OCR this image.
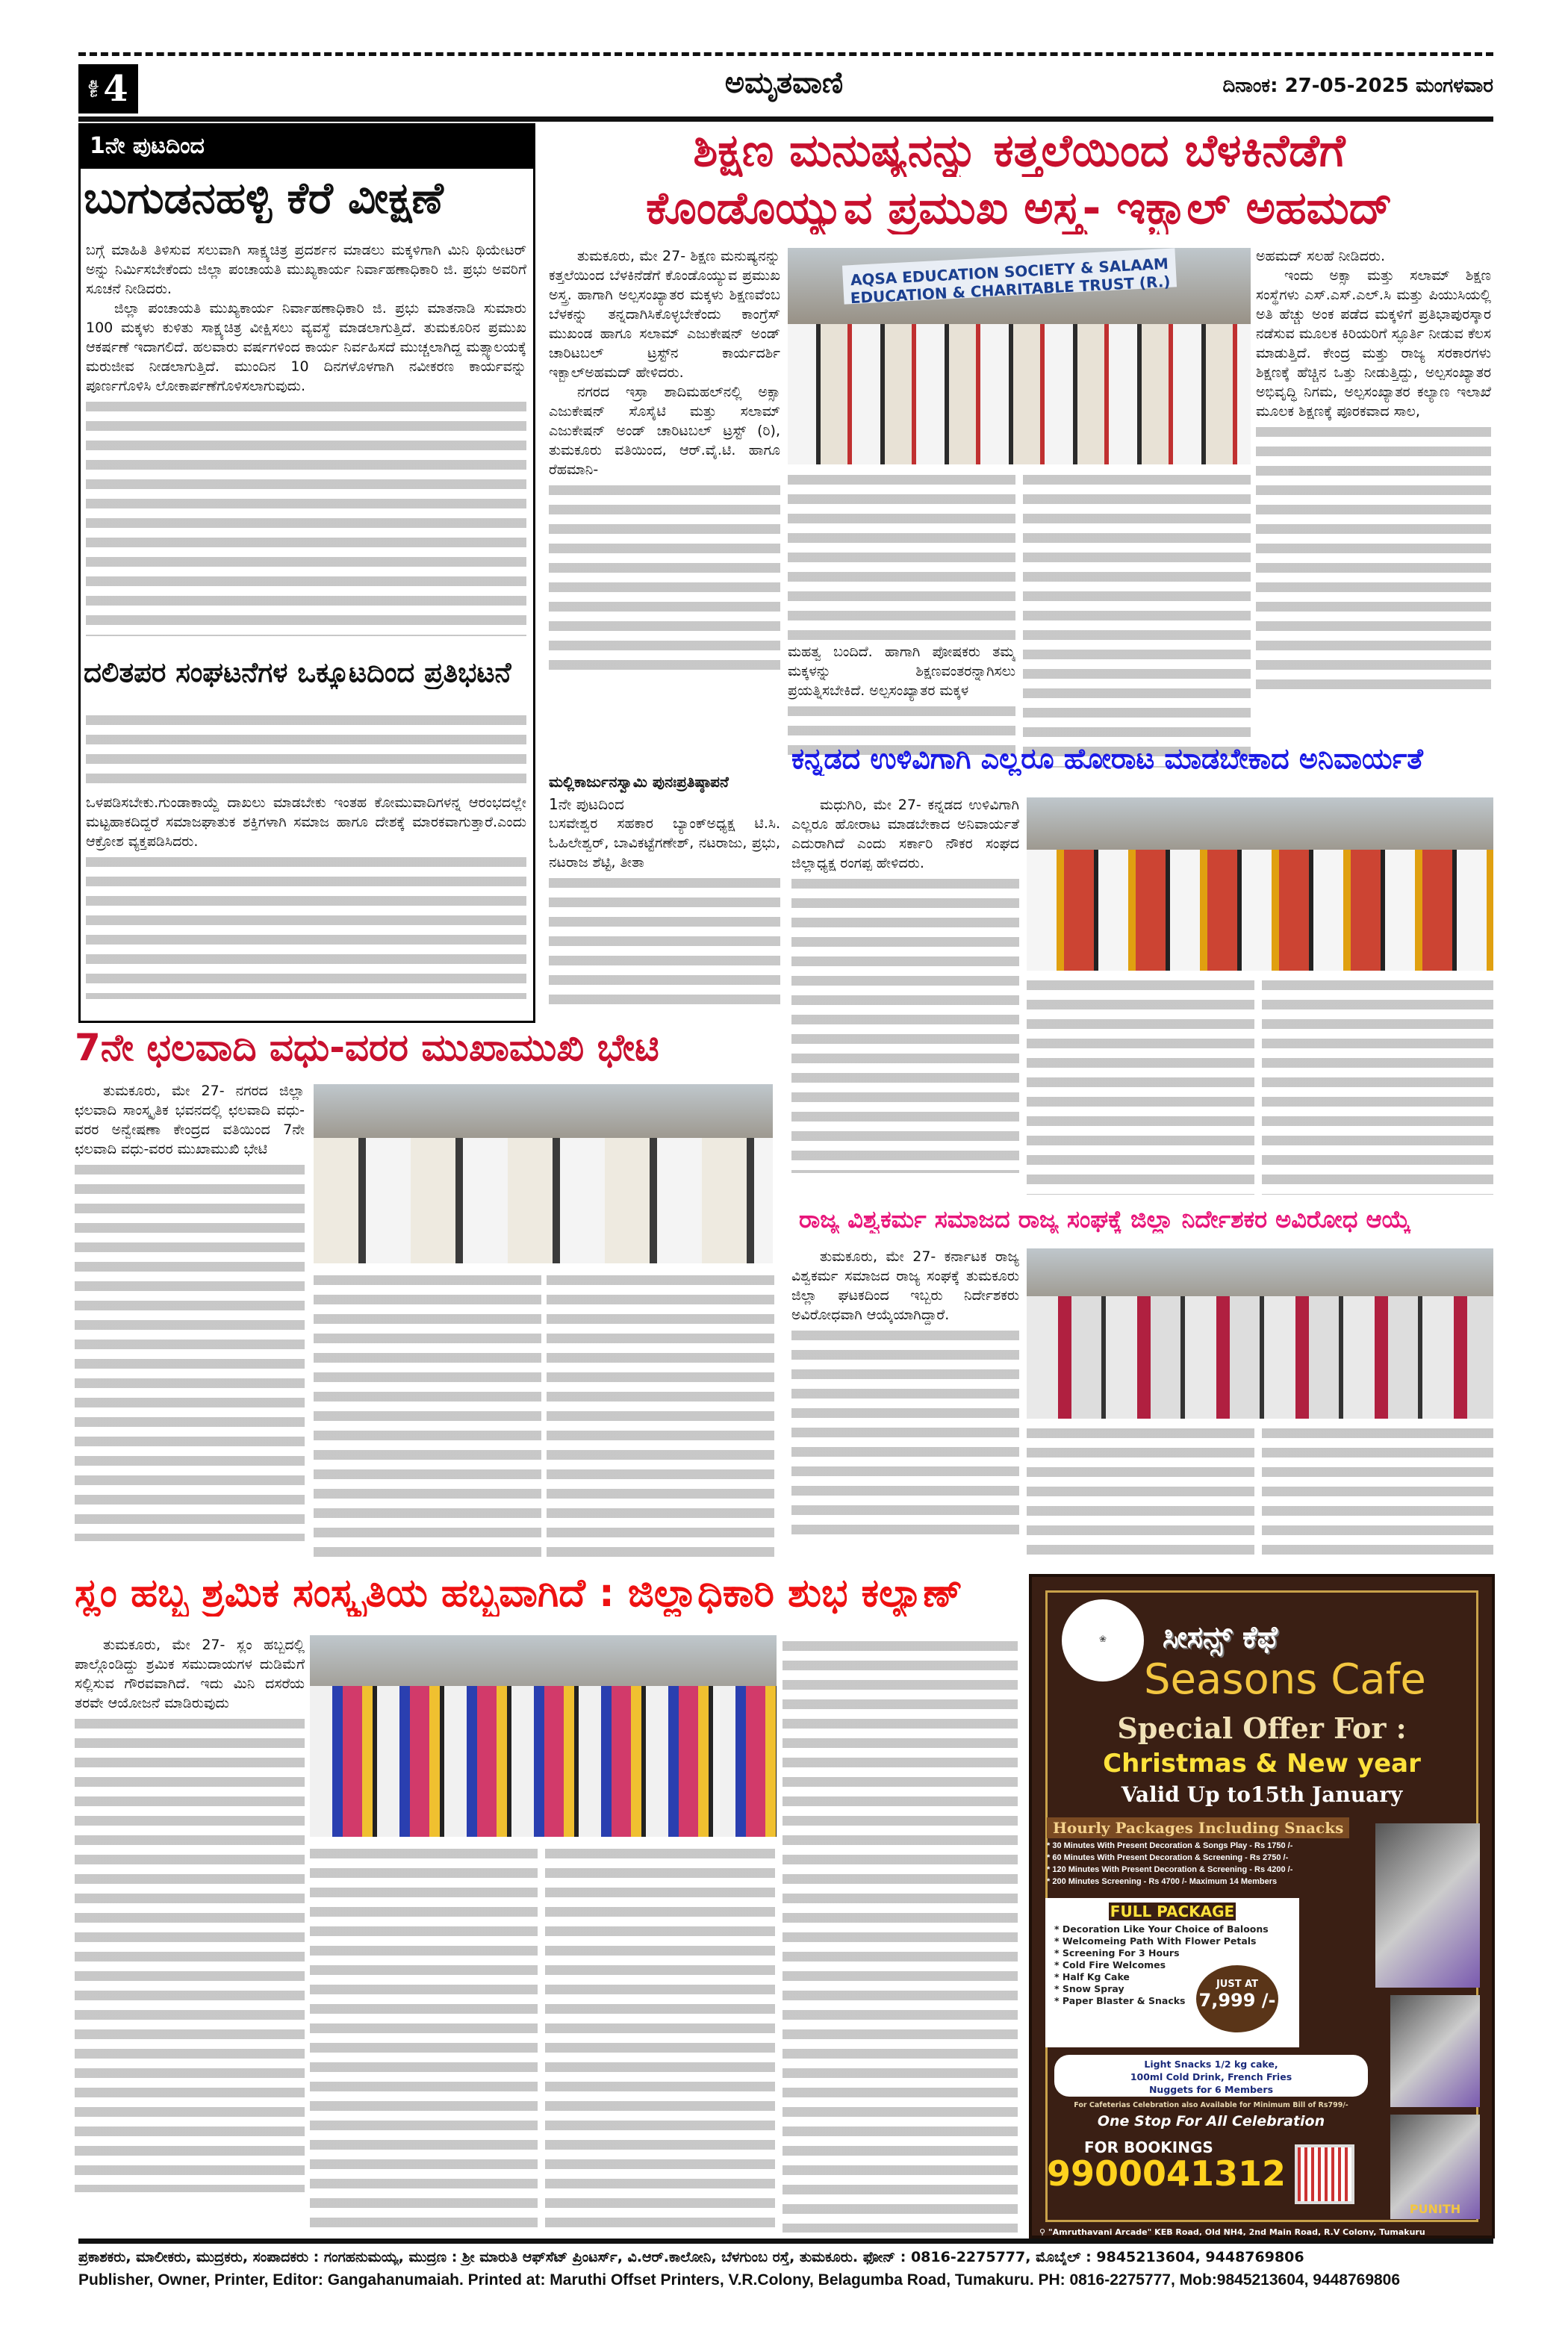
ಪುಟ 4	ಅಮೃತವಾಣಿ	ದಿನಾಂಕ: 27-05-2025 ಮಂಗಳವಾರ
1ನೇ ಪುಟದಿಂದ
ಬುಗುಡನಹಳ್ಳಿ ಕೆರೆ ವೀಕ್ಷಣೆ

ಬಗ್ಗೆ ಮಾಹಿತಿ ತಿಳಿಸುವ ಸಲುವಾಗಿ ಸಾಕ್ಷ್ಯಚಿತ್ರ ಪ್ರದರ್ಶನ ಮಾಡಲು ಮಕ್ಕಳಿಗಾಗಿ ಮಿನಿ ಥಿಯೇಟರ್ ಅನ್ನು ನಿರ್ಮಿಸಬೇಕೆಂದು ಜಿಲ್ಲಾ ಪಂಚಾಯತಿ ಮುಖ್ಯಕಾರ್ಯ ನಿರ್ವಾಹಣಾಧಿಕಾರಿ ಜಿ. ಪ್ರಭು ಅವರಿಗೆ ಸೂಚನೆ ನೀಡಿದರು.

ಜಿಲ್ಲಾ ಪಂಚಾಯತಿ ಮುಖ್ಯಕಾರ್ಯ ನಿರ್ವಾಹಣಾಧಿಕಾರಿ ಜಿ. ಪ್ರಭು ಮಾತನಾಡಿ ಸುಮಾರು 100 ಮಕ್ಕಳು ಕುಳಿತು ಸಾಕ್ಷ್ಯಚಿತ್ರ ವೀಕ್ಷಿಸಲು ವ್ಯವಸ್ಥೆ ಮಾಡಲಾಗುತ್ತಿದೆ. ತುಮಕೂರಿನ ಪ್ರಮುಖ ಆಕರ್ಷಣೆ ಇದಾಗಲಿದೆ. ಹಲವಾರು ವರ್ಷಗಳಿಂದ ಕಾರ್ಯ ನಿರ್ವಹಿಸದೆ ಮುಚ್ಚಲಾಗಿದ್ದ ಮತ್ಸ್ಯಾಲಯಕ್ಕೆ ಮರುಜೀವ ನೀಡಲಾಗುತ್ತಿದೆ. ಮುಂದಿನ 10 ದಿನಗಳೊಳಗಾಗಿ ನವೀಕರಣ ಕಾರ್ಯವನ್ನು ಪೂರ್ಣಗೊಳಿಸಿ ಲೋಕಾರ್ಪಣೆಗೊಳಿಸಲಾಗುವುದು.

ದಲಿತಪರ ಸಂಘಟನೆಗಳ ಒಕ್ಕೂಟದಿಂದ ಪ್ರತಿಭಟನೆ

ಒಳಪಡಿಸಬೇಕು.ಗುಂಡಾಕಾಯ್ದೆ ದಾಖಲು ಮಾಡಬೇಕು ಇಂತಹ ಕೋಮುವಾದಿಗಳನ್ನ ಆರಂಭದಲ್ಲೇ ಮಟ್ಟಹಾಕದಿದ್ದರೆ ಸಮಾಜಘಾತುಕ ಶಕ್ತಿಗಳಾಗಿ ಸಮಾಜ ಹಾಗೂ ದೇಶಕ್ಕೆ ಮಾರಕವಾಗುತ್ತಾರೆ.ಎಂದು ಆಕ್ರೋಶ ವ್ಯಕ್ತಪಡಿಸಿದರು.

ಶಿಕ್ಷಣ ಮನುಷ್ಯನನ್ನು ಕತ್ತಲೆಯಿಂದ ಬೆಳಕಿನೆಡೆಗೆ
ಕೊಂಡೊಯ್ಯುವ ಪ್ರಮುಖ ಅಸ್ತ್ರ- ಇಕ್ಬಾಲ್ ಅಹಮದ್

ತುಮಕೂರು, ಮೇ 27- ಶಿಕ್ಷಣ ಮನುಷ್ಯನನ್ನು ಕತ್ತಲೆಯಿಂದ ಬೆಳಕಿನೆಡೆಗೆ ಕೊಂಡೊಯ್ಯುವ ಪ್ರಮುಖ ಅಸ್ತ್ರ. ಹಾಗಾಗಿ ಅಲ್ಪಸಂಖ್ಯಾತರ ಮಕ್ಕಳು ಶಿಕ್ಷಣವೆಂಬ ಬೆಳಕನ್ನು ತನ್ನದಾಗಿಸಿಕೊಳ್ಳಬೇಕೆಂದು ಕಾಂಗ್ರೆಸ್ ಮುಖಂಡ ಹಾಗೂ ಸಲಾಮ್ ಎಜುಕೇಷನ್ ಅಂಡ್ ಚಾರಿಟಬಲ್ ಟ್ರಸ್ಟ್‌ನ ಕಾರ್ಯದರ್ಶಿ ಇಕ್ಬಾಲ್‌ಅಹಮದ್ ಹೇಳಿದರು.

ನಗರದ ಇಸ್ರಾ ಶಾದಿಮಹಲ್‌ನಲ್ಲಿ ಅಕ್ಸಾ ಎಜುಕೇಷನ್ ಸೊಸೈಟಿ ಮತ್ತು ಸಲಾಮ್ ಎಜುಕೇಷನ್ ಅಂಡ್ ಚಾರಿಟಬಲ್ ಟ್ರಸ್ಟ್ (ರಿ), ತುಮಕೂರು ವತಿಯಿಂದ, ಆರ್.ವೈ.ಟಿ. ಹಾಗೂ ರೆಹಮಾನಿ-

AQSA EDUCATION SOCIETY & SALAAM EDUCATION & CHARITABLE TRUST (R.)

ಮಹತ್ವ ಬಂದಿದೆ. ಹಾಗಾಗಿ ಪೋಷಕರು ತಮ್ಮ ಮಕ್ಕಳನ್ನು ಶಿಕ್ಷಣವಂತರನ್ನಾಗಿಸಲು ಪ್ರಯತ್ನಿಸಬೇಕಿದೆ. ಅಲ್ಪಸಂಖ್ಯಾತರ ಮಕ್ಕಳ

ಅಹಮದ್ ಸಲಹೆ ನೀಡಿದರು.

ಇಂದು ಅಕ್ಸಾ ಮತ್ತು ಸಲಾಮ್ ಶಿಕ್ಷಣ ಸಂಸ್ಥೆಗಳು ಎಸ್.ಎಸ್.ಎಲ್.ಸಿ ಮತ್ತು ಪಿಯುಸಿಯಲ್ಲಿ ಅತಿ ಹೆಚ್ಚು ಅಂಕ ಪಡೆದ ಮಕ್ಕಳಿಗೆ ಪ್ರತಿಭಾಪುರಸ್ಕಾರ ನಡೆಸುವ ಮೂಲಕ ಕಿರಿಯರಿಗೆ ಸ್ಫೂರ್ತಿ ನೀಡುವ ಕೆಲಸ ಮಾಡುತ್ತಿದೆ. ಕೇಂದ್ರ ಮತ್ತು ರಾಜ್ಯ ಸರಕಾರಗಳು ಶಿಕ್ಷಣಕ್ಕೆ ಹೆಚ್ಚಿನ ಒತ್ತು ನೀಡುತ್ತಿದ್ದು, ಅಲ್ಪಸಂಖ್ಯಾತರ ಅಭಿವೃದ್ಧಿ ನಿಗಮ, ಅಲ್ಪಸಂಖ್ಯಾತರ ಕಲ್ಯಾಣ ಇಲಾಖೆ ಮೂಲಕ ಶಿಕ್ಷಣಕ್ಕೆ ಪೂರಕವಾದ ಸಾಲ,

ಮಲ್ಲಿಕಾರ್ಜುನಸ್ವಾಮಿ ಪುನಃಪ್ರತಿಷ್ಠಾಪನೆ
1ನೇ ಪುಟದಿಂದ

ಬಸವೇಶ್ವರ ಸಹಕಾರ ಬ್ಯಾಂಕ್‌ಅಧ್ಯಕ್ಷ ಟಿ.ಸಿ. ಓಹಿಲೇಶ್ವರ್, ಬಾವಿಕಟ್ಟೆಗಣೇಶ್, ನಟರಾಜು, ಪ್ರಭು, ನಟರಾಜ ಶೆಟ್ಟಿ, ತೀತಾ

ಕನ್ನಡದ ಉಳಿವಿಗಾಗಿ ಎಲ್ಲರೂ ಹೋರಾಟ ಮಾಡಬೇಕಾದ ಅನಿವಾರ್ಯತೆ

ಮಧುಗಿರಿ, ಮೇ 27- ಕನ್ನಡದ ಉಳಿವಿಗಾಗಿ ಎಲ್ಲರೂ ಹೋರಾಟ ಮಾಡಬೇಕಾದ ಅನಿವಾರ್ಯತೆ ಎದುರಾಗಿದೆ ಎಂದು ಸರ್ಕಾರಿ ನೌಕರ ಸಂಘದ ಜಿಲ್ಲಾಧ್ಯಕ್ಷ ರಂಗಪ್ಪ ಹೇಳಿದರು.

ರಾಜ್ಯ ವಿಶ್ವಕರ್ಮ ಸಮಾಜದ ರಾಜ್ಯ ಸಂಘಕ್ಕೆ ಜಿಲ್ಲಾ ನಿರ್ದೇಶಕರ ಅವಿರೋಧ ಆಯ್ಕೆ

ತುಮಕೂರು, ಮೇ 27- ಕರ್ನಾಟಕ ರಾಜ್ಯ ವಿಶ್ವಕರ್ಮ ಸಮಾಜದ ರಾಜ್ಯ ಸಂಘಕ್ಕೆ ತುಮಕೂರು ಜಿಲ್ಲಾ ಘಟಕದಿಂದ ಇಬ್ಬರು ನಿರ್ದೇಶಕರು ಅವಿರೋಧವಾಗಿ ಆಯ್ಕೆಯಾಗಿದ್ದಾರೆ.

7ನೇ ಛಲವಾದಿ ವಧು-ವರರ ಮುಖಾಮುಖಿ ಭೇಟಿ

ತುಮಕೂರು, ಮೇ 27- ನಗರದ ಜಿಲ್ಲಾ ಛಲವಾದಿ ಸಾಂಸ್ಕೃತಿಕ ಭವನದಲ್ಲಿ ಛಲವಾದಿ ವಧು-ವರರ ಅನ್ವೇಷಣಾ ಕೇಂದ್ರದ ವತಿಯಿಂದ 7ನೇ ಛಲವಾದಿ ವಧು-ವರರ ಮುಖಾಮುಖಿ ಭೇಟಿ

ಸ್ಲಂ ಹಬ್ಬ ಶ್ರಮಿಕ ಸಂಸ್ಕೃತಿಯ ಹಬ್ಬವಾಗಿದೆ : ಜಿಲ್ಲಾಧಿಕಾರಿ ಶುಭ ಕಲ್ಯಾಣ್

ತುಮಕೂರು, ಮೇ 27- ಸ್ಲಂ ಹಬ್ಬದಲ್ಲಿ ಪಾಲ್ಗೊಂಡಿದ್ದು ಶ್ರಮಿಕ ಸಮುದಾಯಗಳ ದುಡಿಮೆಗೆ ಸಲ್ಲಿಸುವ ಗೌರವವಾಗಿದೆ. ಇದು ಮಿನಿ ದಸರೆಯ ತರವೇ ಆಯೋಜನೆ ಮಾಡಿರುವುದು

❀	ಸೀಸನ್ಸ್ ಕೆಫೆ
Seasons Cafe
Special Offer For :
Christmas & New year
Valid Up to15th January
Hourly Packages Including Snacks
* 30 Minutes With Present Decoration & Songs Play - Rs 1750 /-
* 60 Minutes With Present Decoration & Screening - Rs 2750 /-
* 120 Minutes With Present Decoration & Screening - Rs 4200 /-
* 200 Minutes Screening - Rs 4700 /- Maximum 14 Members
FULL PACKAGE
* Decoration Like Your Choice of Baloons
* Welcomeing Path With Flower Petals
* Screening For 3 Hours
* Cold Fire Welcomes
* Half Kg Cake
* Snow Spray
* Paper Blaster & Snacks
JUST AT
7,999 /-
PUNITH
Light Snacks 1/2 kg cake,
100ml Cold Drink, French Fries
Nuggets for 6 Members
For Cafeterias Celebration also Available for Minimum Bill of Rs799/-
One Stop For All Celebration
FOR BOOKINGS
9900041312
⚲ "Amruthavani Arcade" KEB Road, Old NH4, 2nd Main Road, R.V Colony, Tumakuru
ಪ್ರಕಾಶಕರು, ಮಾಲೀಕರು, ಮುದ್ರಕರು, ಸಂಪಾದಕರು : ಗಂಗಹನುಮಯ್ಯ, ಮುದ್ರಣ : ಶ್ರೀ ಮಾರುತಿ ಆಫ್‌ಸೆಟ್ ಪ್ರಿಂಟರ್ಸ್, ವಿ.ಆರ್.ಕಾಲೋನಿ, ಬೆಳಗುಂಬ ರಸ್ತೆ, ತುಮಕೂರು. ಫೋನ್ : 0816-2275777, ಮೊಬೈಲ್ : 9845213604, 9448769806
Publisher, Owner, Printer, Editor: Gangahanumaiah. Printed at: Maruthi Offset Printers, V.R.Colony, Belagumba Road, Tumakuru. PH: 0816-2275777, Mob:9845213604, 9448769806
